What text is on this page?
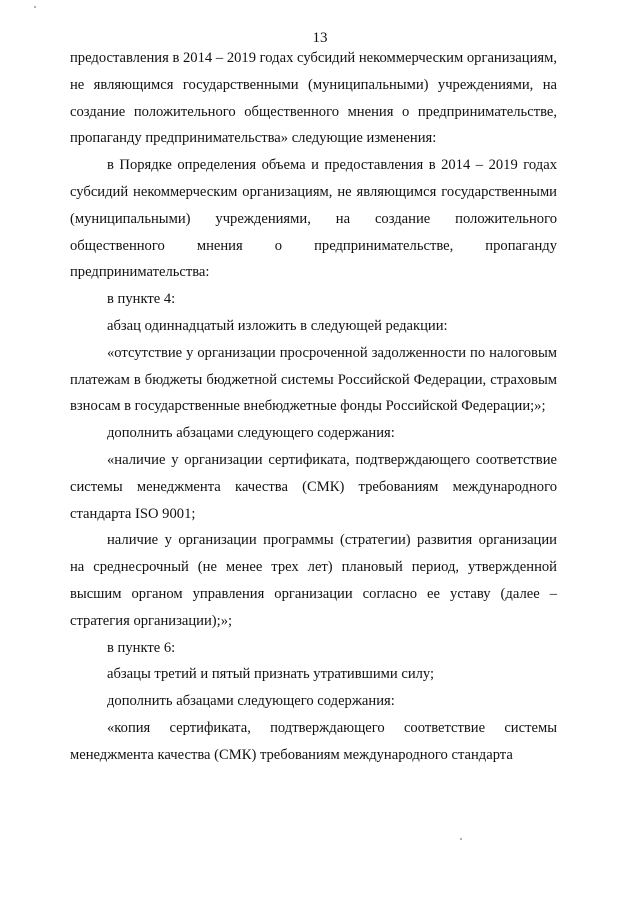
13

предоставления в 2014 – 2019 годах субсидий некоммерческим организациям, не являющимся государственными (муниципальными) учреждениями, на создание положительного общественного мнения о предпринимательстве, пропаганду предпринимательства» следующие изменения:

в Порядке определения объема и предоставления в 2014 – 2019 годах субсидий некоммерческим организациям, не являющимся государственными (муниципальными) учреждениями, на создание положительного общественного мнения о предпринимательстве, пропаганду предпринимательства:

в пункте 4:

абзац одиннадцатый изложить в следующей редакции:

«отсутствие у организации просроченной задолженности по налоговым платежам в бюджеты бюджетной системы Российской Федерации, страховым взносам в государственные внебюджетные фонды Российской Федерации;»;

дополнить абзацами следующего содержания:

«наличие у организации сертификата, подтверждающего соответствие системы менеджмента качества (СМК) требованиям международного стандарта ISO 9001;

наличие у организации программы (стратегии) развития организации на среднесрочный (не менее трех лет) плановый период, утвержденной высшим органом управления организации согласно ее уставу (далее – стратегия организации);»;

в пункте 6:

абзацы третий и пятый признать утратившими силу;

дополнить абзацами следующего содержания:

«копия сертификата, подтверждающего соответствие системы менеджмента качества (СМК) требованиям международного стандарта
